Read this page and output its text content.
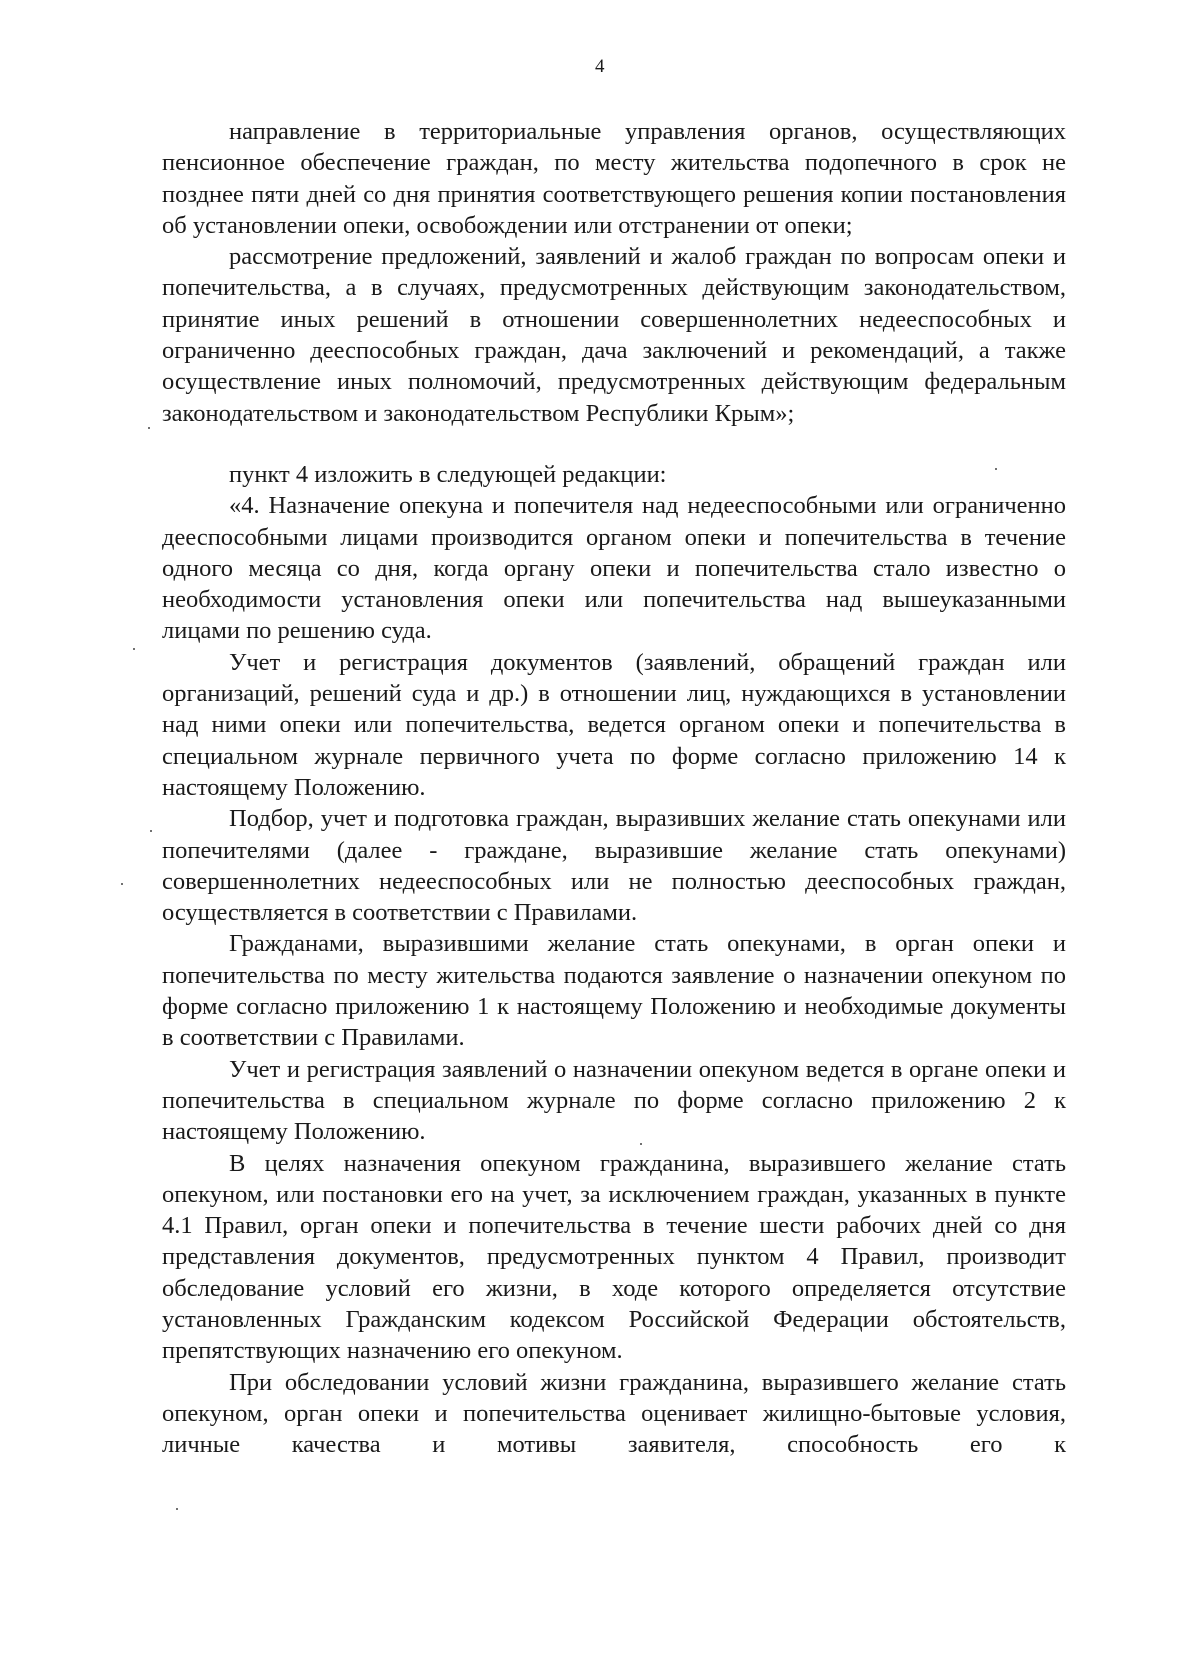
4

направление в территориальные управления органов, осуществляющих пенсионное обеспечение граждан, по месту жительства подопечного в срок не позднее пяти дней со дня принятия соответствующего решения копии постановления об установлении опеки, освобождении или отстранении от опеки;

рассмотрение предложений, заявлений и жалоб граждан по вопросам опеки и попечительства, а в случаях, предусмотренных действующим законодательством, принятие иных решений в отношении совершеннолетних недееспособных и ограниченно дееспособных граждан, дача заключений и рекомендаций, а также осуществление иных полномочий, предусмотренных действующим федеральным законодательством и законодательством Республики Крым»;

пункт 4 изложить в следующей редакции:

«4. Назначение опекуна и попечителя над недееспособными или ограниченно дееспособными лицами производится органом опеки и попечительства в течение одного месяца со дня, когда органу опеки и попечительства стало известно о необходимости установления опеки или попечительства над вышеуказанными лицами по решению суда.

Учет и регистрация документов (заявлений, обращений граждан или организаций, решений суда и др.) в отношении лиц, нуждающихся в установлении над ними опеки или попечительства, ведется органом опеки и попечительства в специальном журнале первичного учета по форме согласно приложению 14 к настоящему Положению.

Подбор, учет и подготовка граждан, выразивших желание стать опекунами или попечителями (далее - граждане, выразившие желание стать опекунами) совершеннолетних недееспособных или не полностью дееспособных граждан, осуществляется в соответствии с Правилами.

Гражданами, выразившими желание стать опекунами, в орган опеки и попечительства по месту жительства подаются заявление о назначении опекуном по форме согласно приложению 1 к настоящему Положению и необходимые документы в соответствии с Правилами.

Учет и регистрация заявлений о назначении опекуном ведется в органе опеки и попечительства в специальном журнале по форме согласно приложению 2 к настоящему Положению.

В целях назначения опекуном гражданина, выразившего желание стать опекуном, или постановки его на учет, за исключением граждан, указанных в пункте 4.1 Правил, орган опеки и попечительства в течение шести рабочих дней со дня представления документов, предусмотренных пунктом 4 Правил, производит обследование условий его жизни, в ходе которого определяется отсутствие установленных Гражданским кодексом Российской Федерации обстоятельств, препятствующих назначению его опекуном.

При обследовании условий жизни гражданина, выразившего желание стать опекуном, орган опеки и попечительства оценивает жилищно-бытовые условия, личные качества и мотивы заявителя, способность его к
